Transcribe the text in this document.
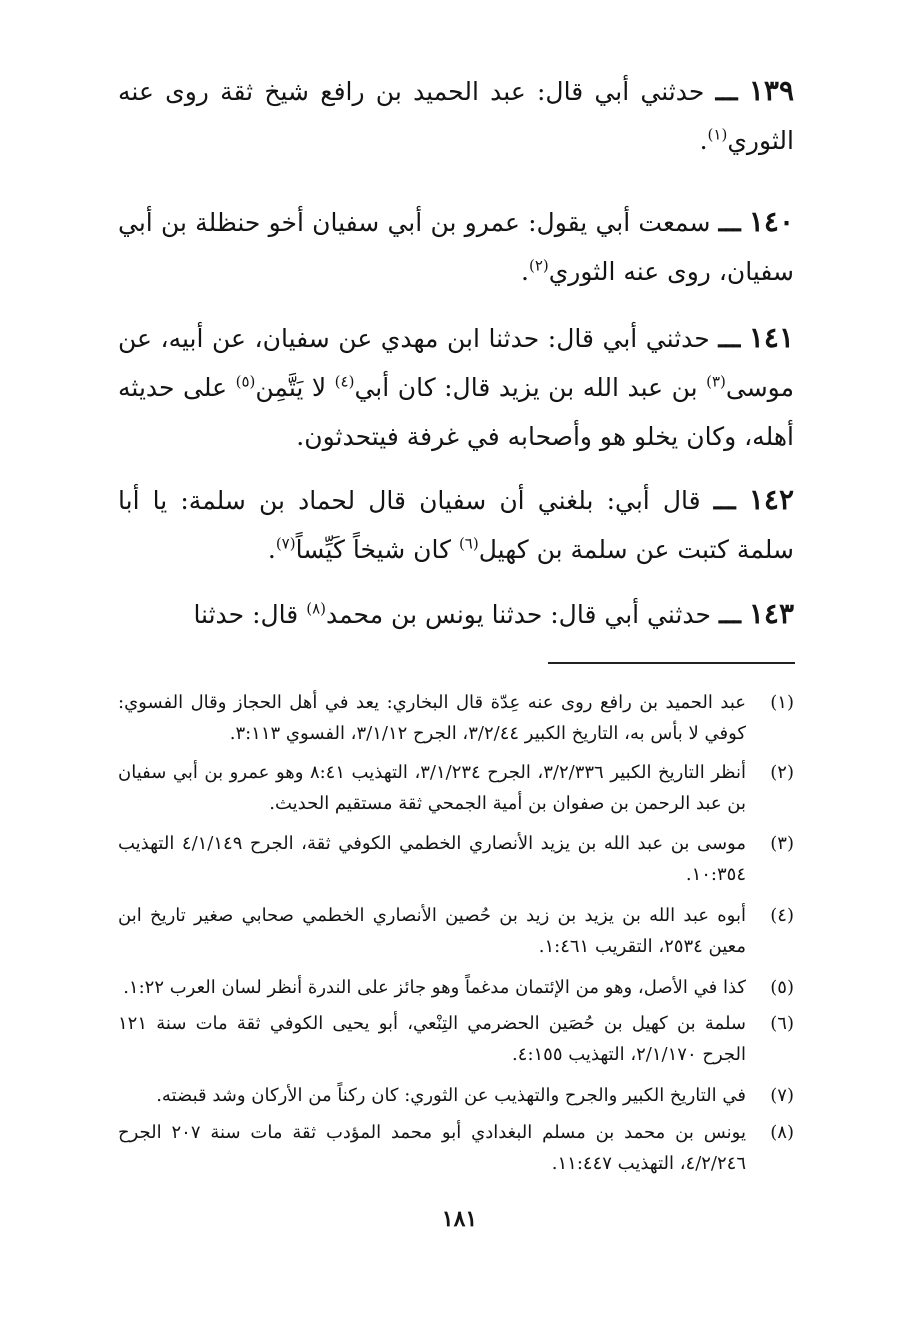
١٣٩ ـــ حدثني أبي قال: عبد الحميد بن رافع شيخ ثقة روى عنه الثوري$^{(١)}$.

١٤٠ ـــ سمعت أبي يقول: عمرو بن أبي سفيان أخو حنظلة بن أبي سفيان، روى عنه الثوري$^{(٢)}$.

١٤١ ـــ حدثني أبي قال: حدثنا ابن مهدي عن سفيان، عن أبيه، عن موسى$^{(٣)}$ بن عبد الله بن يزيد قال: كان أبي$^{(٤)}$ لا يَتَّمِن$^{(٥)}$ على حديثه أهله، وكان يخلو هو وأصحابه في غرفة فيتحدثون.

١٤٢ ـــ قال أبي: بلغني أن سفيان قال لحماد بن سلمة: يا أبا سلمة كتبت عن سلمة بن كهيل$^{(٦)}$ كان شيخاً كَيِّساً$^{(٧)}$.

١٤٣ ـــ حدثني أبي قال: حدثنا يونس بن محمد$^{(٨)}$ قال: حدثنا

(١)
عبد الحميد بن رافع روى عنه عِدّة قال البخاري: يعد في أهل الحجاز وقال الفسوي: كوفي لا بأس به، التاريخ الكبير ٣/٢/٤٤، الجرح ٣/١/١٢، الفسوي ٣:١١٣.
(٢)
أنظر التاريخ الكبير ٣/٢/٣٣٦، الجرح ٣/١/٢٣٤، التهذيب ٨:٤١ وهو عمرو بن أبي سفيان بن عبد الرحمن بن صفوان بن أمية الجمحي ثقة مستقيم الحديث.
(٣)
موسى بن عبد الله بن يزيد الأنصاري الخطمي الكوفي ثقة، الجرح ٤/١/١٤٩ التهذيب ١٠:٣٥٤.
(٤)
أبوه عبد الله بن يزيد بن زيد بن حُصين الأنصاري الخطمي صحابي صغير تاريخ ابن معين ٢٥٣٤، التقريب ١:٤٦١.
(٥)
كذا في الأصل، وهو من الإئتمان مدغماً وهو جائز على الندرة أنظر لسان العرب ١:٢٢.
(٦)
سلمة بن كهيل بن حُصَين الحضرمي التِنْعي، أبو يحيى الكوفي ثقة مات سنة ١٢١ الجرح ٢/١/١٧٠، التهذيب ٤:١٥٥.
(٧)
في التاريخ الكبير والجرح والتهذيب عن الثوري: كان ركناً من الأركان وشد قبضته.
(٨)
يونس بن محمد بن مسلم البغدادي أبو محمد المؤدب ثقة مات سنة ٢٠٧ الجرح ٤/٢/٢٤٦، التهذيب ١١:٤٤٧.
١٨١
